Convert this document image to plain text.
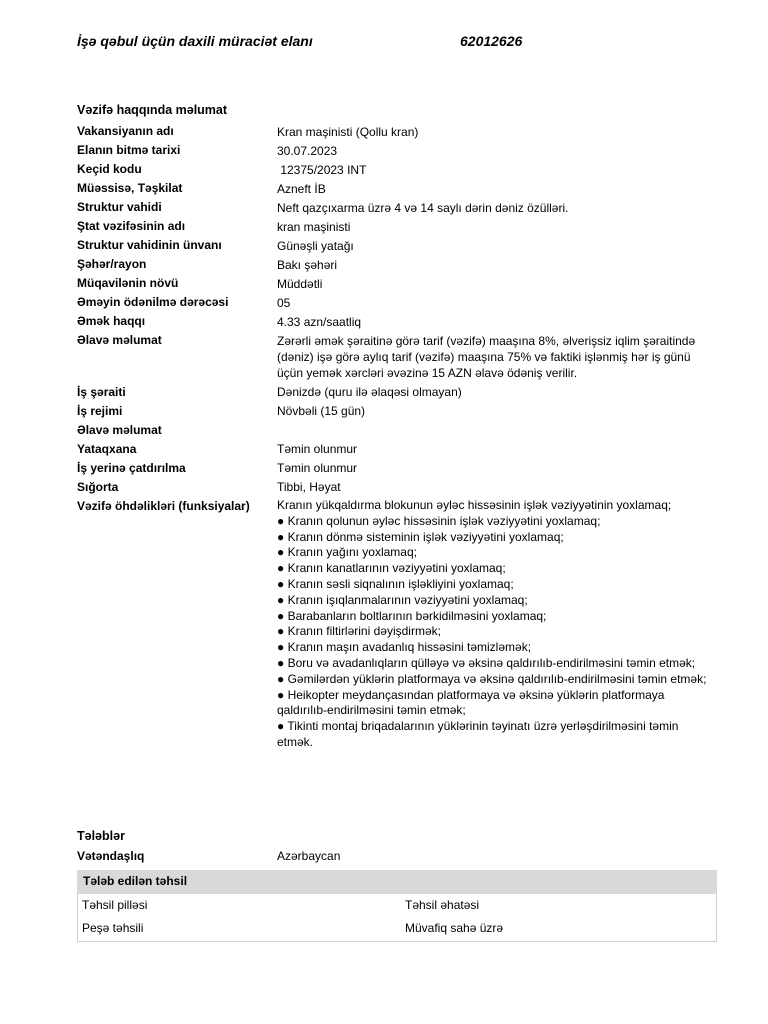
İşə qəbul üçün daxili müraciət elanı	62012626
Vəzifə haqqında məlumat
Vakansiyanın adı	Kran maşinisti (Qollu kran)
Elanın bitmə tarixi	30.07.2023
Keçid kodu	12375/2023 INT
Müəssisə, Təşkilat	Azneft İB
Struktur vahidi	Neft qazçıxarma üzrə 4 və 14 saylı dərin dəniz özülləri.
Ştat vəzifəsinin adı	kran maşinisti
Struktur vahidinin ünvanı	Günəşli yatağı
Şəhər/rayon	Bakı şəhəri
Müqavilənin növü	Müddətli
Əməyin ödənilmə dərəcəsi	05
Əmək haqqı	4.33 azn/saatliq
Əlavə məlumat	Zərərli əmək şəraitinə görə tarif (vəzifə) maaşına 8%, əlverişsiz iqlim şəraitində (dəniz) işə görə aylıq tarif (vəzifə) maaşına 75% və faktiki işlənmiş hər iş günü üçün yemək xərcləri əvəzinə 15 AZN əlavə ödəniş verilir.
İş şəraiti	Dənizdə (quru ilə əlaqəsi olmayan)
İş rejimi	Növbəli (15 gün)
Əlavə məlumat
Yataqxana	Təmin olunmur
İş yerinə çatdırılma	Təmin olunmur
Sığorta	Tibbi, Həyat
Vəzifə öhdəlikləri (funksiyalar)	Kranın yükqaldırma blokunun əyləc hissəsinin işlək vəziyyətinin yoxlamaq;
● Kranın qolunun əyləc hissəsinin işlək vəziyyətini yoxlamaq;
● Kranın dönmə sisteminin işlək vəziyyətini yoxlamaq;
● Kranın yağını yoxlamaq;
● Kranın kanatlarının vəziyyətini yoxlamaq;
● Kranın səsli siqnalının işləkliyini yoxlamaq;
● Kranın işıqlanmalarının vəziyyətini yoxlamaq;
● Barabanların boltlarının bərkidilməsini yoxlamaq;
● Kranın filtirlərini dəyişdirmək;
● Kranın maşın avadanlıq hissəsini təmizləmək;
● Boru və avadanlıqların qülləyə və əksinə qaldırılıb-endirilməsini təmin etmək;
● Gəmilərdən yüklərin platformaya və əksinə qaldırılıb-endirilməsini təmin etmək;
● Heikopter meydançasından platformaya və əksinə yüklərin platformaya qaldırılıb-endirilməsini təmin etmək;
● Tikinti montaj briqadalarının yüklərinin təyinatı üzrə yerləşdirilməsini təmin etmək.
Tələblər
Vətəndaşlıq	Azərbaycan
Tələb edilən təhsil
Təhsil pilləsi	Təhsil əhatəsi
Peşə təhsili	Müvafiq sahə üzrə
